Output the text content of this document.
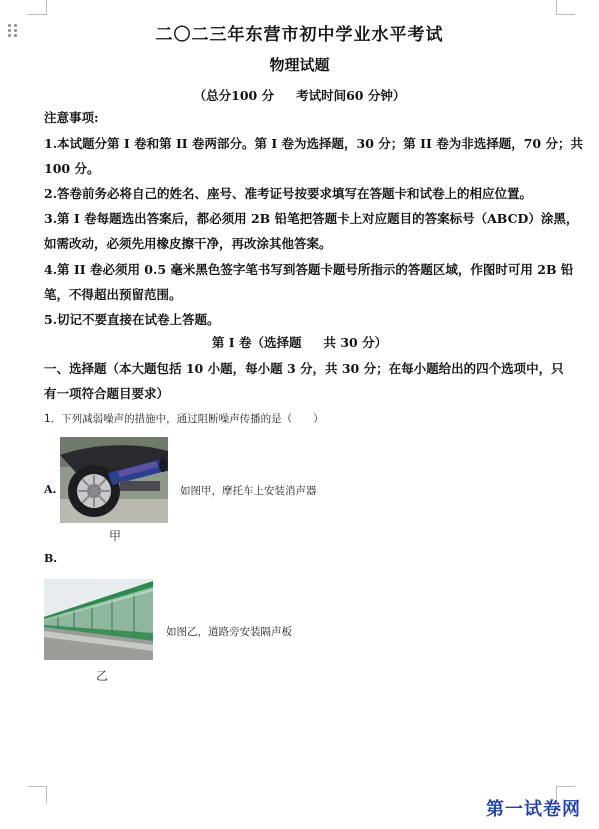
二〇二三年东营市初中学业水平考试
物理试题
（总分100 分 考试时间60 分钟）
注意事项:
1.本试题分第 I 卷和第 II 卷两部分。第 I 卷为选择题，30 分；第 II 卷为非选择题，70 分；共
100 分。
2.答卷前务必将自己的姓名、座号、准考证号按要求填写在答题卡和试卷上的相应位置。
3.第 I 卷每题选出答案后，都必须用 2B 铅笔把答题卡上对应题目的答案标号（ABCD）涂黑，
如需改动，必须先用橡皮擦干净，再改涂其他答案。
4.第 II 卷必须用 0.5 毫米黑色签字笔书写到答题卡题号所指示的答题区域，作图时可用 2B 铅
笔，不得超出预留范围。
5.切记不要直接在试卷上答题。
第 I 卷（选择题 共 30 分）
一、选择题（本大题包括 10 小题，每小题 3 分，共 30 分；在每小题给出的四个选项中，只
有一项符合题目要求）
1．下列减弱噪声的措施中，通过阻断噪声传播的是（　　）
A.	如图甲，摩托车上安装消声器
甲
B.
如图乙，道路旁安装隔声板
乙
第一试卷网
